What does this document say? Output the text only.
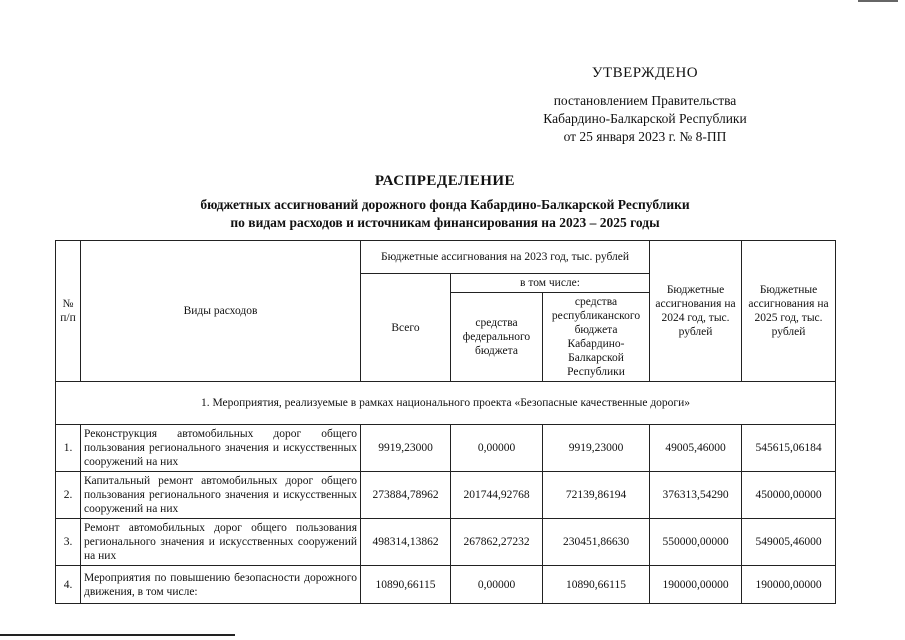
УТВЕРЖДЕНО
постановлением Правительства
Кабардино-Балкарской Республики
от 25 января 2023 г. № 8-ПП
РАСПРЕДЕЛЕНИЕ
бюджетных ассигнований дорожного фонда Кабардино-Балкарской Республики
по видам расходов и источникам финансирования на 2023 – 2025 годы
№ п/п	Виды расходов	Бюджетные ассигнования на 2023 год, тыс. рублей			Бюджетные ассигнования на 2024 год, тыс. рублей	Бюджетные ассигнования на 2025 год, тыс. рублей
		Всего	в том числе:			
			средства федерального бюджета	средства республиканского бюджета Кабардино-Балкарской Республики		
1. Мероприятия, реализуемые в рамках национального проекта «Безопасные качественные дороги»						
1.	Реконструкция автомобильных дорог общего пользования регионального значения и искусственных сооружений на них	9919,23000	0,00000	9919,23000	49005,46000	545615,06184
2.	Капитальный ремонт автомобильных дорог общего пользования регионального значения и искусственных сооружений на них	273884,78962	201744,92768	72139,86194	376313,54290	450000,00000
3.	Ремонт автомобильных дорог общего пользования регионального значения и искусственных сооружений на них	498314,13862	267862,27232	230451,86630	550000,00000	549005,46000
4.	Мероприятия по повышению безопасности дорожного движения, в том числе:	10890,66115	0,00000	10890,66115	190000,00000	190000,00000
